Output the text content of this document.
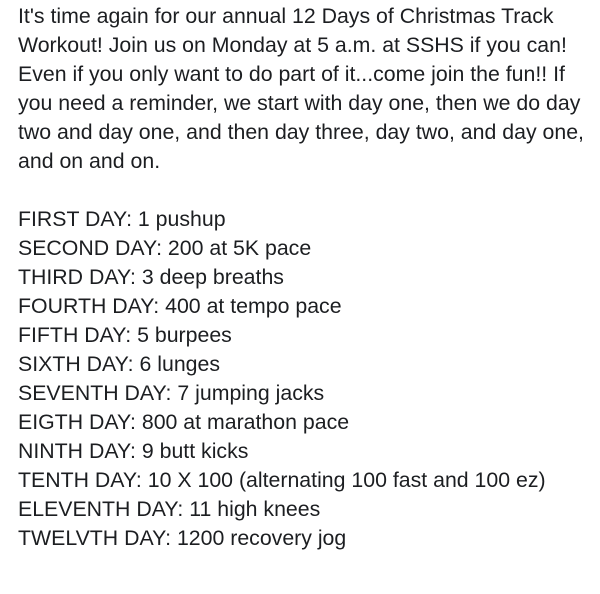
It's time again for our annual 12 Days of Christmas Track Workout! Join us on Monday at 5 a.m. at SSHS if you can! Even if you only want to do part of it...come join the fun!! If you need a reminder, we start with day one, then we do day two and day one, and then day three, day two, and day one, and on and on.

FIRST DAY: 1 pushup
SECOND DAY: 200 at 5K pace
THIRD DAY: 3 deep breaths
FOURTH DAY: 400 at tempo pace
FIFTH DAY: 5 burpees
SIXTH DAY: 6 lunges
SEVENTH DAY: 7 jumping jacks
EIGTH DAY: 800 at marathon pace
NINTH DAY: 9 butt kicks
TENTH DAY: 10 X 100 (alternating 100 fast and 100 ez)
ELEVENTH DAY: 11 high knees
TWELVTH DAY: 1200 recovery jog
